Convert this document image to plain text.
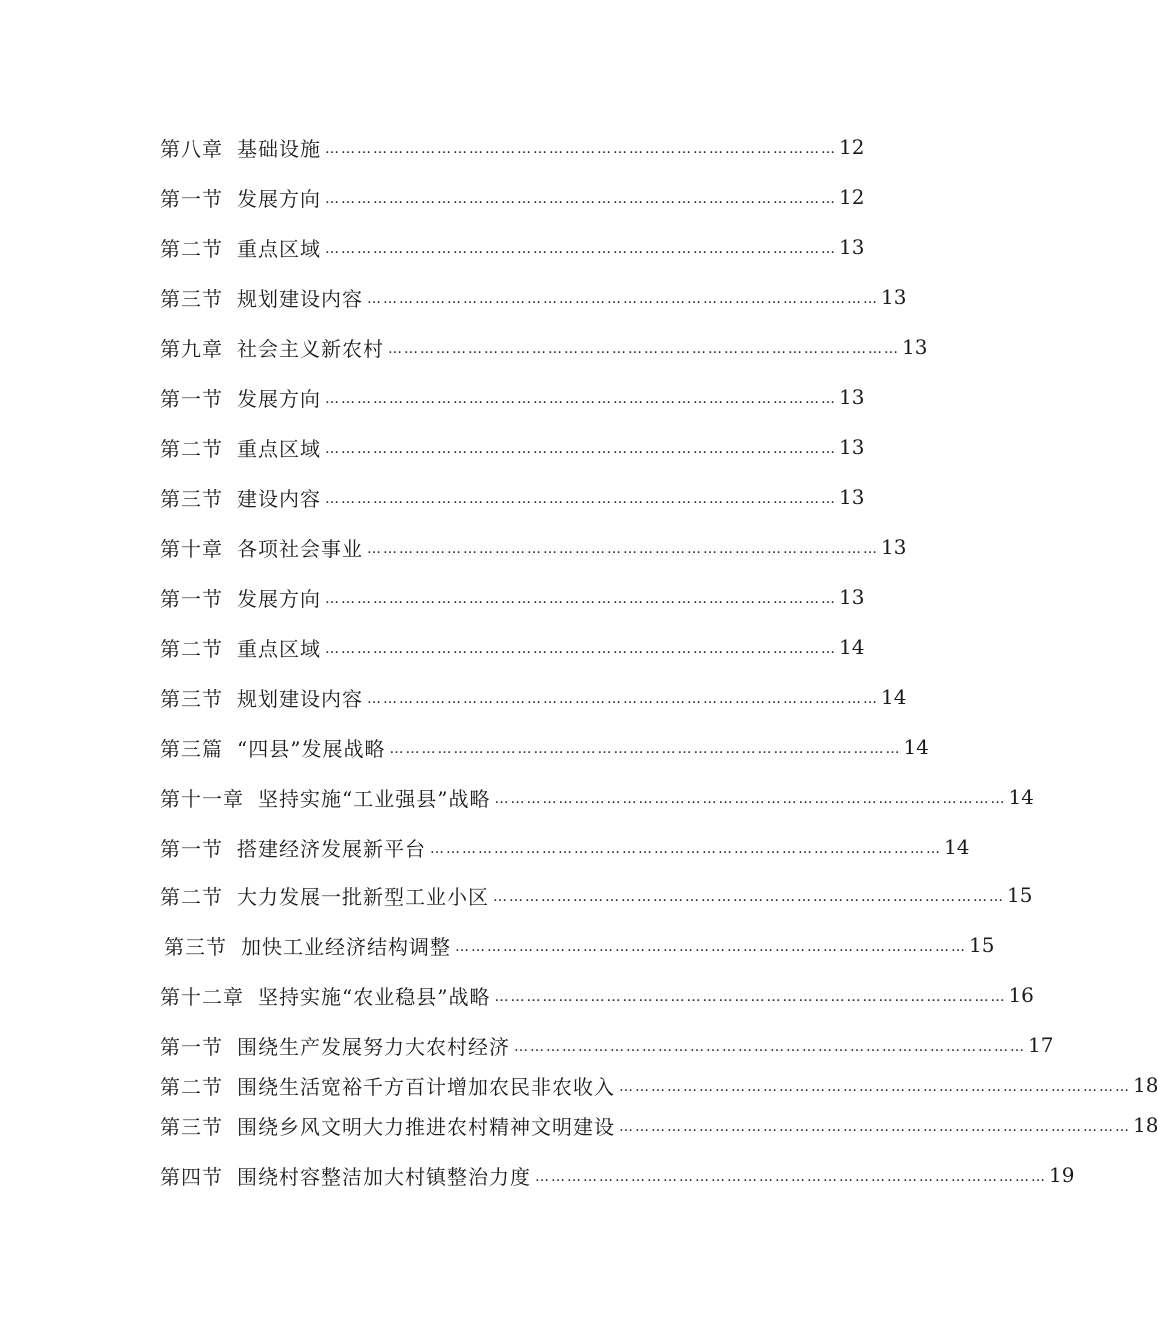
第八章 基础设施 …………………………………………………………………………………… 12
第一节 发展方向 …………………………………………………………………………………… 12
第二节 重点区域 …………………………………………………………………………………… 13
第三节 规划建设内容 …………………………………………………………………………………… 13
第九章 社会主义新农村 …………………………………………………………………………………… 13
第一节 发展方向 …………………………………………………………………………………… 13
第二节 重点区域 …………………………………………………………………………………… 13
第三节 建设内容 …………………………………………………………………………………… 13
第十章 各项社会事业 …………………………………………………………………………………… 13
第一节 发展方向 …………………………………………………………………………………… 13
第二节 重点区域 …………………………………………………………………………………… 14
第三节 规划建设内容 …………………………………………………………………………………… 14
第三篇 “四县”发展战略 …………………………………………………………………………………… 14
第十一章 坚持实施“工业强县”战略 …………………………………………………………………………………… 14
第一节 搭建经济发展新平台 …………………………………………………………………………………… 14
第二节 大力发展一批新型工业小区 …………………………………………………………………………………… 15
第三节 加快工业经济结构调整 …………………………………………………………………………………… 15
第十二章 坚持实施“农业稳县”战略 …………………………………………………………………………………… 16
第一节 围绕生产发展努力大农村经济 …………………………………………………………………………………… 17
第二节 围绕生活宽裕千方百计增加农民非农收入 …………………………………………………………………………………… 18
第三节 围绕乡风文明大力推进农村精神文明建设 …………………………………………………………………………………… 18
第四节 围绕村容整洁加大村镇整治力度 …………………………………………………………………………………… 19
